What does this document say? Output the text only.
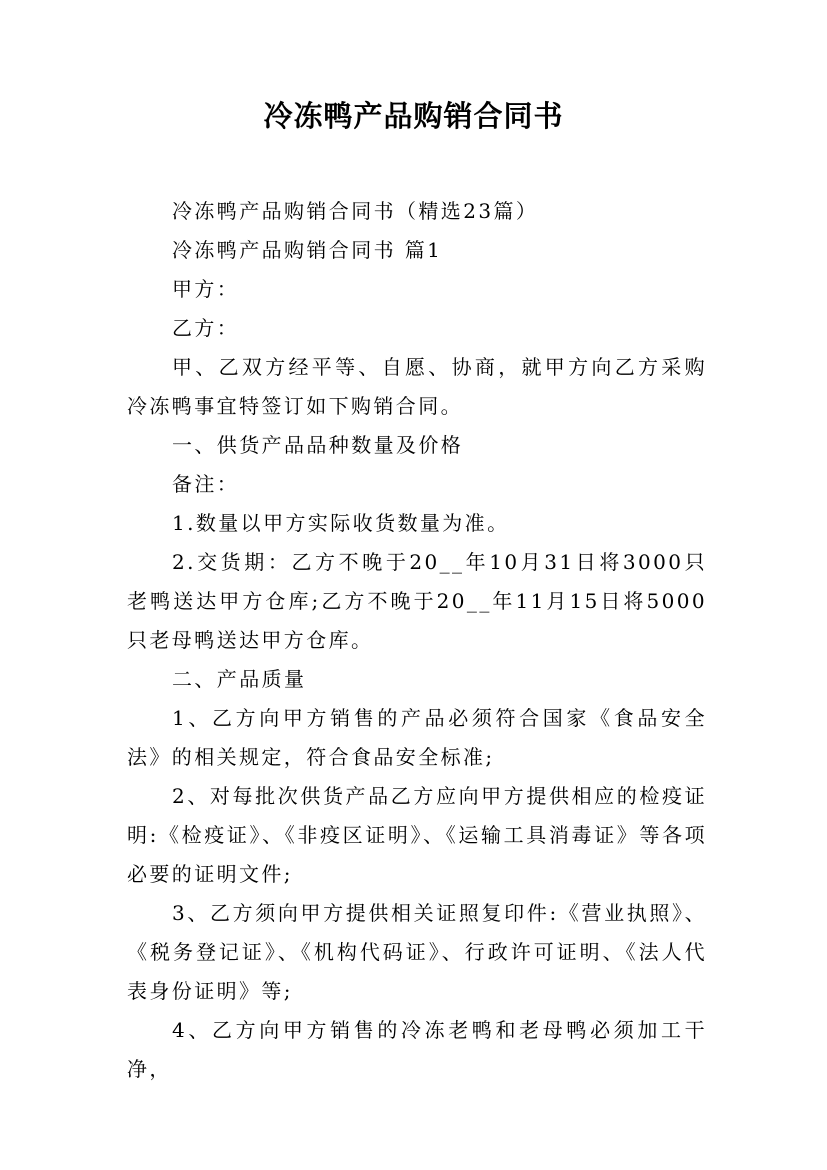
冷冻鸭产品购销合同书

冷冻鸭产品购销合同书（精选23篇）

冷冻鸭产品购销合同书 篇1

甲方：

乙方：

甲、乙双方经平等、自愿、协商，就甲方向乙方采购冷冻鸭事宜特签订如下购销合同。

一、供货产品品种数量及价格

备注：

1.数量以甲方实际收货数量为准。

2.交货期：乙方不晚于20__年10月31日将3000只老鸭送达甲方仓库;乙方不晚于20__年11月15日将5000只老母鸭送达甲方仓库。

二、产品质量

1、乙方向甲方销售的产品必须符合国家《食品安全法》的相关规定，符合食品安全标准;

2、对每批次供货产品乙方应向甲方提供相应的检疫证明:《检疫证》、《非疫区证明》、《运输工具消毒证》等各项必要的证明文件;

3、乙方须向甲方提供相关证照复印件:《营业执照》、《税务登记证》、《机构代码证》、行政许可证明、《法人代表身份证明》等;

4、乙方向甲方销售的冷冻老鸭和老母鸭必须加工干净，
